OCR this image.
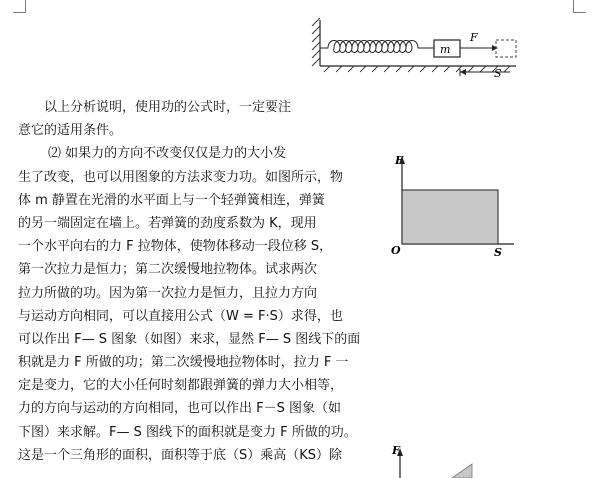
m
F
S
F
O	S
F
以上分析说明，使用功的公式时，一定要注
意它的适用条件。
⑵ 如果力的方向不改变仅仅是力的大小发
生了改变，也可以用图象的方法求变力功。如图所示，物
体 m 静置在光滑的水平面上与一个轻弹簧相连，弹簧
的另一端固定在墙上。若弹簧的劲度系数为 K，现用
一个水平向右的力 F 拉物体，使物体移动一段位移 S，
第一次拉力是恒力；第二次缓慢地拉物体。试求两次
拉力所做的功。因为第一次拉力是恒力，且拉力方向
与运动方向相同，可以直接用公式（W = F·S）求得，也
可以作出 F— S 图象（如图）来求，显然 F— S 图线下的面
积就是力 F 所做的功；第二次缓慢地拉物体时，拉力 F 一
定是变力，它的大小任何时刻都跟弹簧的弹力大小相等，
力的方向与运动的方向相同，也可以作出 F－S 图象（如
下图）来求解。F— S 图线下的面积就是变力 F 所做的功。
这是一个三角形的面积，面积等于底（S）乘高（KS）除
